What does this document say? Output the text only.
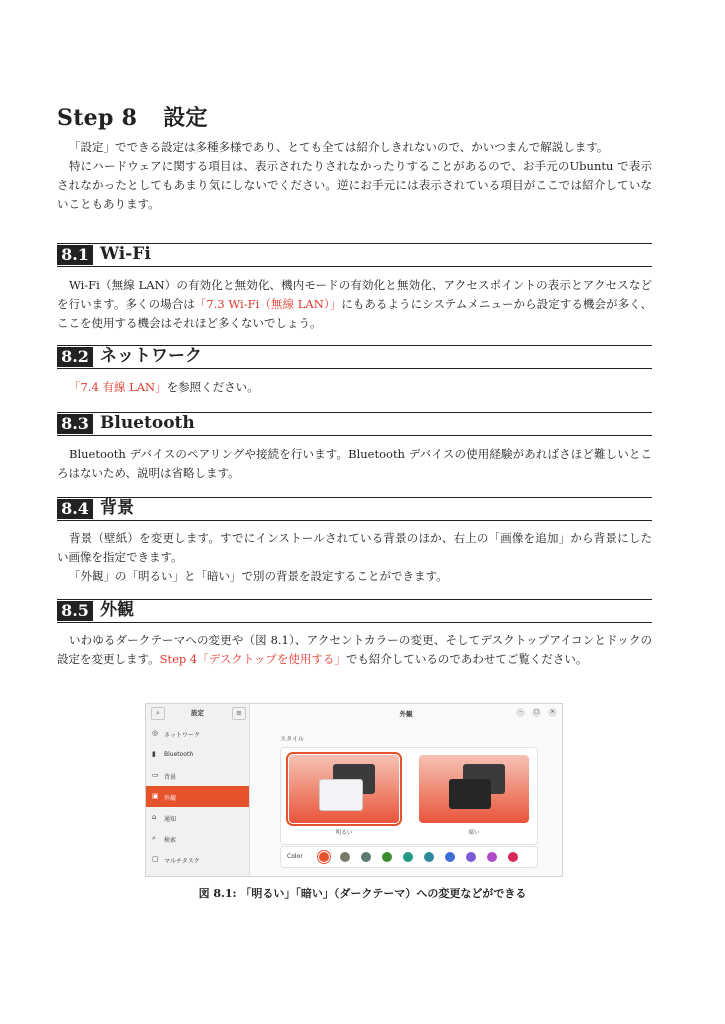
Step 8 設定

「設定」でできる設定は多種多様であり、とても全ては紹介しきれないので、かいつまんで解説します。

特にハードウェアに関する項目は、表示されたりされなかったりすることがあるので、お手元のUbuntu で表示されなかったとしてもあまり気にしないでください。逆にお手元には表示されている項目がここでは紹介していないこともあります。

8.1 Wi-Fi

Wi-Fi（無線 LAN）の有効化と無効化、機内モードの有効化と無効化、アクセスポイントの表示とアクセスなどを行います。多くの場合は「7.3 Wi-Fi（無線 LAN）」にもあるようにシステムメニューから設定する機会が多く、ここを使用する機会はそれほど多くないでしょう。

8.2 ネットワーク

「7.4 有線 LAN」を参照ください。

8.3 Bluetooth

Bluetooth デバイスのペアリングや接続を行います。Bluetooth デバイスの使用経験があればさほど難しいところはないため、説明は省略します。

8.4 背景

背景（壁紙）を変更します。すでにインストールされている背景のほか、右上の「画像を追加」から背景にしたい画像を指定できます。

「外観」の「明るい」と「暗い」で別の背景を設定することができます。

8.5 外観

いわゆるダークテーマへの変更や（図 8.1）、アクセントカラーの変更、そしてデスクトップアイコンとドックの設定を変更します。Step 4「デスクトップを使用する」でも紹介しているのであわせてご覧ください。

⌕	設定	≡
◎ ネットワーク
▮ Bluetooth
▭ 背景
▣ 外観
⌂ 通知
⌕ 検索
▢ マルチタスク
外観	–	□	×
スタイル
明るい	暗い
Color
図 8.1: 「明るい」「暗い」（ダークテーマ）への変更などができる
